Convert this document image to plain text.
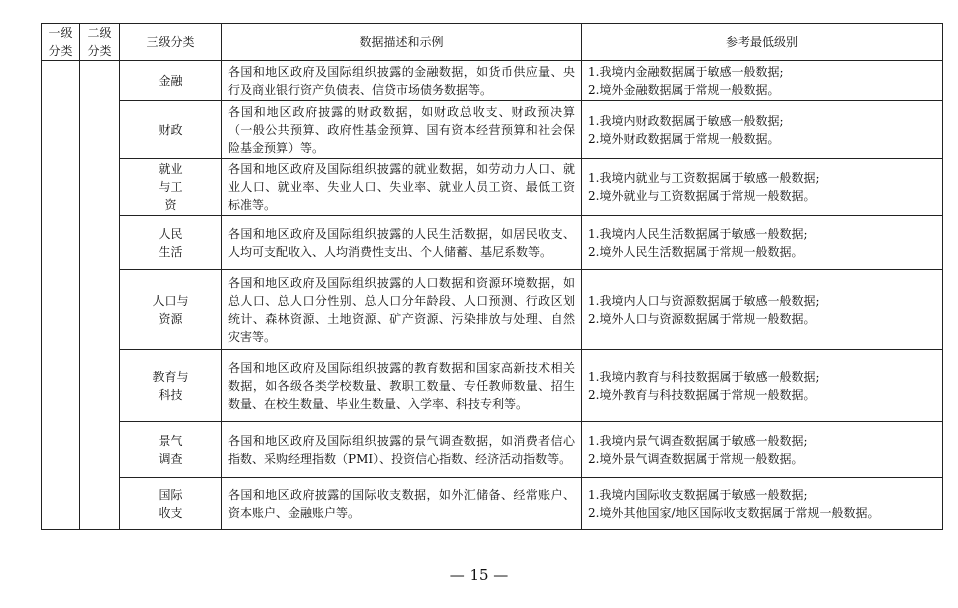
一级分类	二级分类	三级分类	数据描述和示例	参考最低级别
		金融	各国和地区政府及国际组织披露的金融数据，如货币供应量、央行及商业银行资产负债表、信贷市场债务数据等。	1.我境内金融数据属于敏感一般数据;
2.境外金融数据属于常规一般数据。

		财政	各国和地区政府披露的财政数据，如财政总收支、财政预决算（一般公共预算、政府性基金预算、国有资本经营预算和社会保险基金预算）等。	1.我境内财政数据属于敏感一般数据;
2.境外财政数据属于常规一般数据。

		就业与工资	各国和地区政府及国际组织披露的就业数据，如劳动力人口、就业人口、就业率、失业人口、失业率、就业人员工资、最低工资标准等。	1.我境内就业与工资数据属于敏感一般数据;
2.境外就业与工资数据属于常规一般数据。

		人民生活	各国和地区政府及国际组织披露的人民生活数据，如居民收支、人均可支配收入、人均消费性支出、个人储蓄、基尼系数等。	1.我境内人民生活数据属于敏感一般数据;
2.境外人民生活数据属于常规一般数据。

		人口与资源	各国和地区政府及国际组织披露的人口数据和资源环境数据，如总人口、总人口分性别、总人口分年龄段、人口预测、行政区划统计、森林资源、土地资源、矿产资源、污染排放与处理、自然灾害等。	1.我境内人口与资源数据属于敏感一般数据;
2.境外人口与资源数据属于常规一般数据。

		教育与科技	各国和地区政府及国际组织披露的教育数据和国家高新技术相关数据，如各级各类学校数量、教职工数量、专任教师数量、招生数量、在校生数量、毕业生数量、入学率、科技专利等。	1.我境内教育与科技数据属于敏感一般数据;
2.境外教育与科技数据属于常规一般数据。

		景气调查	各国和地区政府及国际组织披露的景气调查数据，如消费者信心指数、采购经理指数（PMI）、投资信心指数、经济活动指数等。	1.我境内景气调查数据属于敏感一般数据;
2.境外景气调查数据属于常规一般数据。

		国际收支	各国和地区政府披露的国际收支数据，如外汇储备、经常账户、资本账户、金融账户等。	1.我境内国际收支数据属于敏感一般数据;
2.境外其他国家/地区国际收支数据属于常规一般数据。
— 15 —
